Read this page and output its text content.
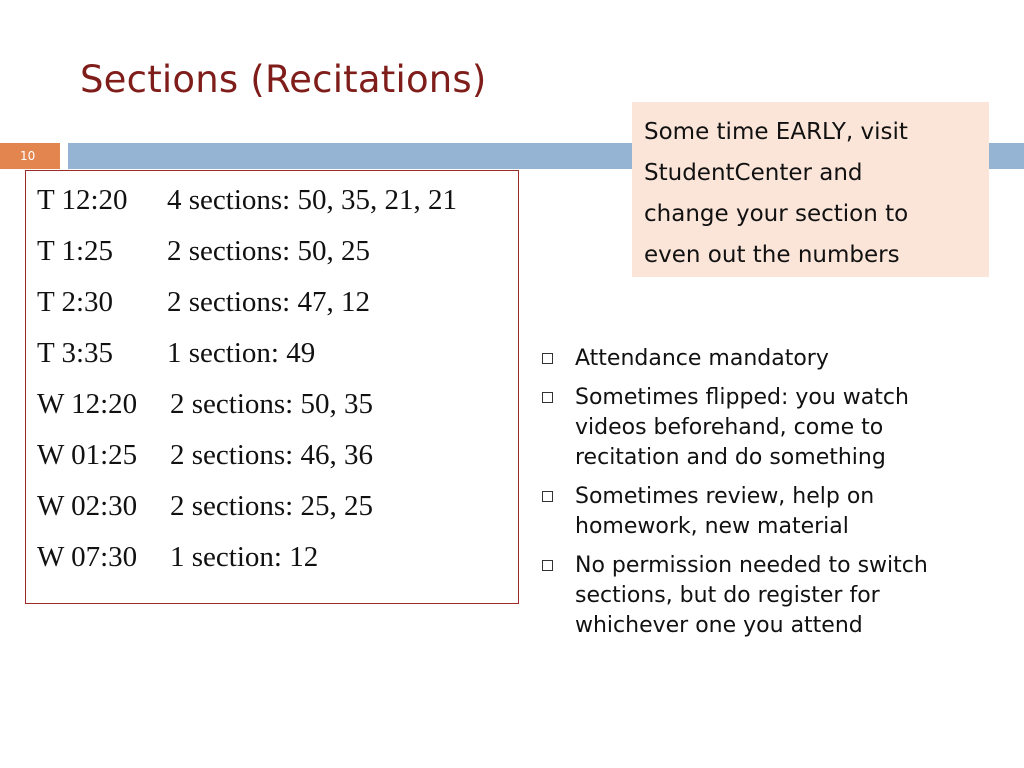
Sections (Recitations)
10
T 12:20 4 sections: 50, 35, 21, 21
T 1:25 2 sections: 50, 25
T 2:30 2 sections: 47, 12
T 3:35 1 section: 49
W 12:20 2 sections: 50, 35
W 01:25 2 sections: 46, 36
W 02:30 2 sections: 25, 25
W 07:30 1 section: 12
Some time EARLY, visit
StudentCenter and
change your section to
even out the numbers
Attendance mandatory
Sometimes flipped: you watch
videos beforehand, come to
recitation and do something
Sometimes review, help on
homework, new material
No permission needed to switch
sections, but do register for
whichever one you attend
